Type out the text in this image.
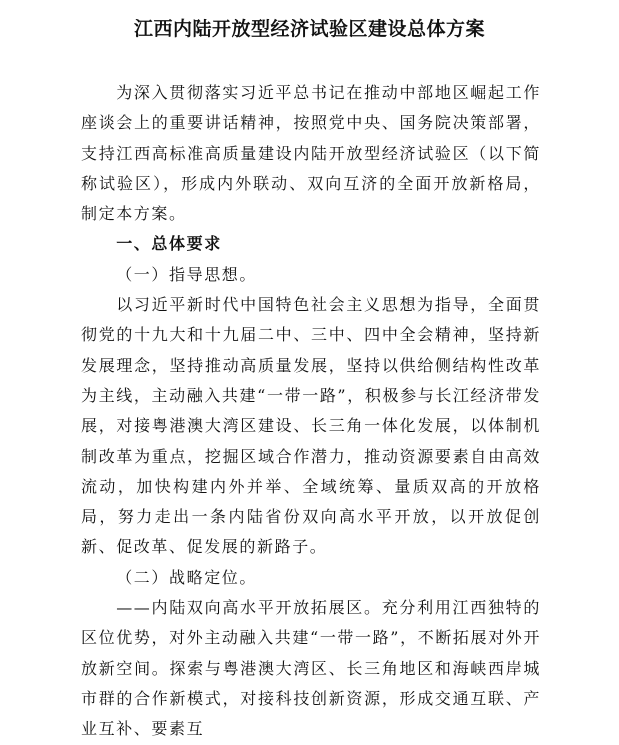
江西内陆开放型经济试验区建设总体方案

为深入贯彻落实习近平总书记在推动中部地区崛起工作座谈会上的重要讲话精神，按照党中央、国务院决策部署，支持江西高标准高质量建设内陆开放型经济试验区（以下简称试验区），形成内外联动、双向互济的全面开放新格局，制定本方案。

一、总体要求

（一）指导思想。

以习近平新时代中国特色社会主义思想为指导，全面贯彻党的十九大和十九届二中、三中、四中全会精神，坚持新发展理念，坚持推动高质量发展，坚持以供给侧结构性改革为主线，主动融入共建“一带一路”，积极参与长江经济带发展，对接粤港澳大湾区建设、长三角一体化发展，以体制机制改革为重点，挖掘区域合作潜力，推动资源要素自由高效流动，加快构建内外并举、全域统筹、量质双高的开放格局，努力走出一条内陆省份双向高水平开放，以开放促创新、促改革、促发展的新路子。

（二）战略定位。

——内陆双向高水平开放拓展区。充分利用江西独特的区位优势，对外主动融入共建“一带一路”，不断拓展对外开放新空间。探索与粤港澳大湾区、长三角地区和海峡西岸城市群的合作新模式，对接科技创新资源，形成交通互联、产业互补、要素互
